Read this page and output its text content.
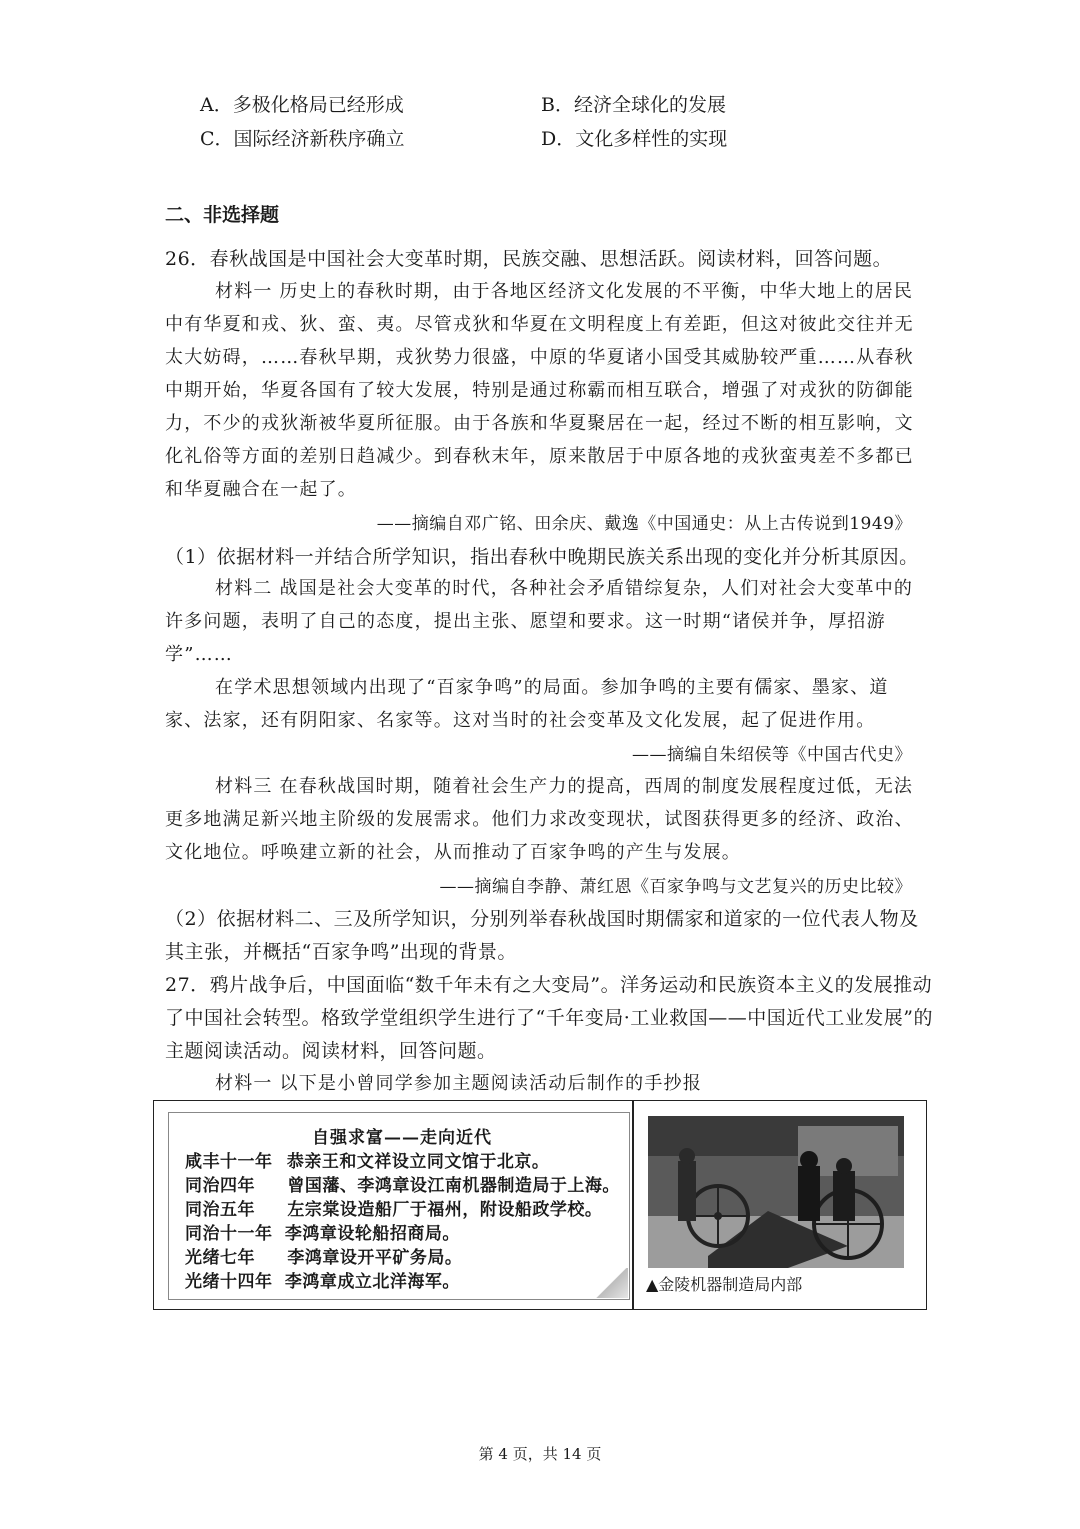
A．多极化格局已经形成	B．经济全球化的发展
C．国际经济新秩序确立	D．文化多样性的实现
二、非选择题
26．春秋战国是中国社会大变革时期，民族交融、思想活跃。阅读材料，回答问题。
材料一 历史上的春秋时期，由于各地区经济文化发展的不平衡，中华大地上的居民
中有华夏和戎、狄、蛮、夷。尽管戎狄和华夏在文明程度上有差距，但这对彼此交往并无
太大妨碍，……春秋早期，戎狄势力很盛，中原的华夏诸小国受其威胁较严重……从春秋
中期开始，华夏各国有了较大发展，特别是通过称霸而相互联合，增强了对戎狄的防御能
力，不少的戎狄渐被华夏所征服。由于各族和华夏聚居在一起，经过不断的相互影响，文
化礼俗等方面的差别日趋减少。到春秋末年，原来散居于中原各地的戎狄蛮夷差不多都已
和华夏融合在一起了。
——摘编自邓广铭、田余庆、戴逸《中国通史：从上古传说到1949》
（1）依据材料一并结合所学知识，指出春秋中晚期民族关系出现的变化并分析其原因。
材料二 战国是社会大变革的时代，各种社会矛盾错综复杂，人们对社会大变革中的
许多问题，表明了自己的态度，提出主张、愿望和要求。这一时期“诸侯并争，厚招游
学”……
在学术思想领域内出现了“百家争鸣”的局面。参加争鸣的主要有儒家、墨家、道
家、法家，还有阴阳家、名家等。这对当时的社会变革及文化发展，起了促进作用。
——摘编自朱绍侯等《中国古代史》
材料三 在春秋战国时期，随着社会生产力的提高，西周的制度发展程度过低，无法
更多地满足新兴地主阶级的发展需求。他们力求改变现状，试图获得更多的经济、政治、
文化地位。呼唤建立新的社会，从而推动了百家争鸣的产生与发展。
——摘编自李静、萧红恩《百家争鸣与文艺复兴的历史比较》
（2）依据材料二、三及所学知识，分别列举春秋战国时期儒家和道家的一位代表人物及
其主张，并概括“百家争鸣”出现的背景。
27．鸦片战争后，中国面临“数千年未有之大变局”。洋务运动和民族资本主义的发展推动
了中国社会转型。格致学堂组织学生进行了“千年变局·工业救国——中国近代工业发展”的
主题阅读活动。阅读材料，回答问题。
材料一 以下是小曾同学参加主题阅读活动后制作的手抄报
自强求富——走向近代
咸丰十一年 恭亲王和文祥设立同文馆于北京。
同治四年 曾国藩、李鸿章设江南机器制造局于上海。
同治五年 左宗棠设造船厂于福州，附设船政学校。
同治十一年 李鸿章设轮船招商局。
光绪七年 李鸿章设开平矿务局。
光绪十四年 李鸿章成立北洋海军。	▲金陵机器制造局内部
第 4 页，共 14 页
